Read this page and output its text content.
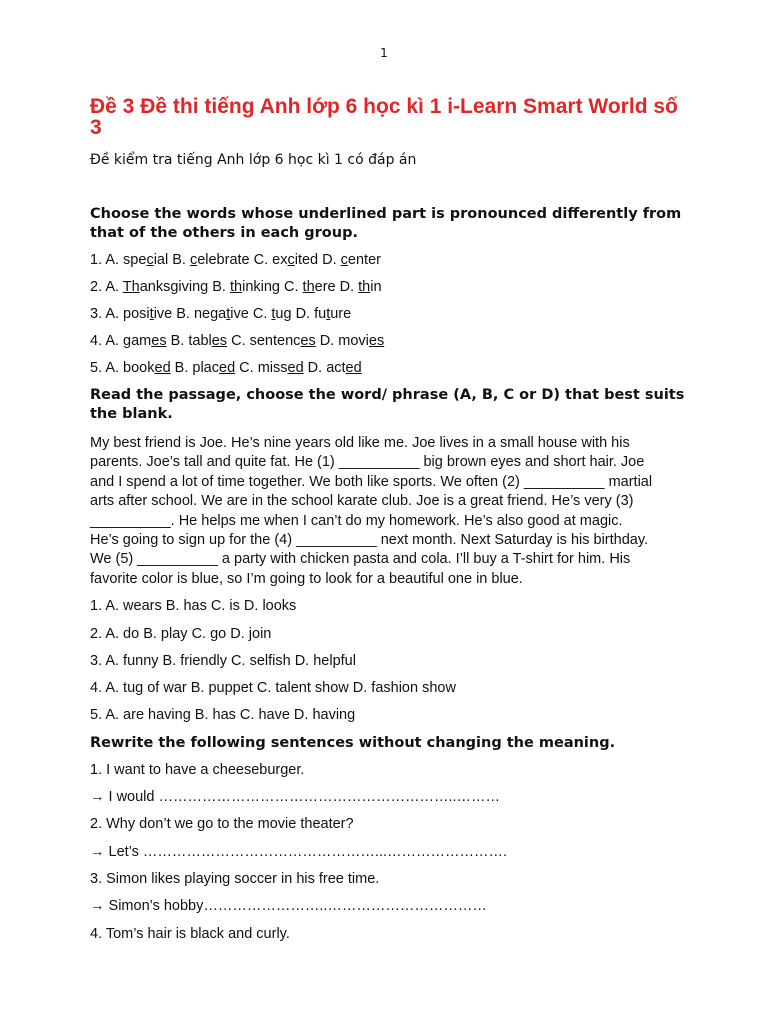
1
Đề 3 Đề thi tiếng Anh lớp 6 học kì 1 i-Learn Smart World số 3

Đề kiểm tra tiếng Anh lớp 6 học kì 1 có đáp án

Choose the words whose underlined part is pronounced differently from that of the others in each group.

1. A. special B. celebrate C. excited D. center

2. A. Thanksgiving B. thinking C. there D. thin

3. A. positive B. negative C. tug D. future

4. A. games B. tables C. sentences D. movies

5. A. booked B. placed C. missed D. acted

Read the passage, choose the word/ phrase (A, B, C or D) that best suits the blank.

My best friend is Joe. He’s nine years old like me. Joe lives in a small house with his

parents. Joe’s tall and quite fat. He (1) __________ big brown eyes and short hair. Joe

and I spend a lot of time together. We both like sports. We often (2) __________ martial

arts after school. We are in the school karate club. Joe is a great friend. He’s very (3)

__________. He helps me when I can’t do my homework. He’s also good at magic.

He’s going to sign up for the (4) __________ next month. Next Saturday is his birthday.

We (5) __________ a party with chicken pasta and cola. I’ll buy a T-shirt for him. His

favorite color is blue, so I’m going to look for a beautiful one in blue.

1. A. wears B. has C. is D. looks

2. A. do B. play C. go D. join

3. A. funny B. friendly C. selfish D. helpful

4. A. tug of war B. puppet C. talent show D. fashion show

5. A. are having B. has C. have D. having

Rewrite the following sentences without changing the meaning.

1. I want to have a cheeseburger.

→ I would ……………………………………………………..………

2. Why don’t we go to the movie theater?

→ Let’s …………………………………………...…………………….

3. Simon likes playing soccer in his free time.

→ Simon’s hobby……………………..……………………………

4. Tom’s hair is black and curly.
